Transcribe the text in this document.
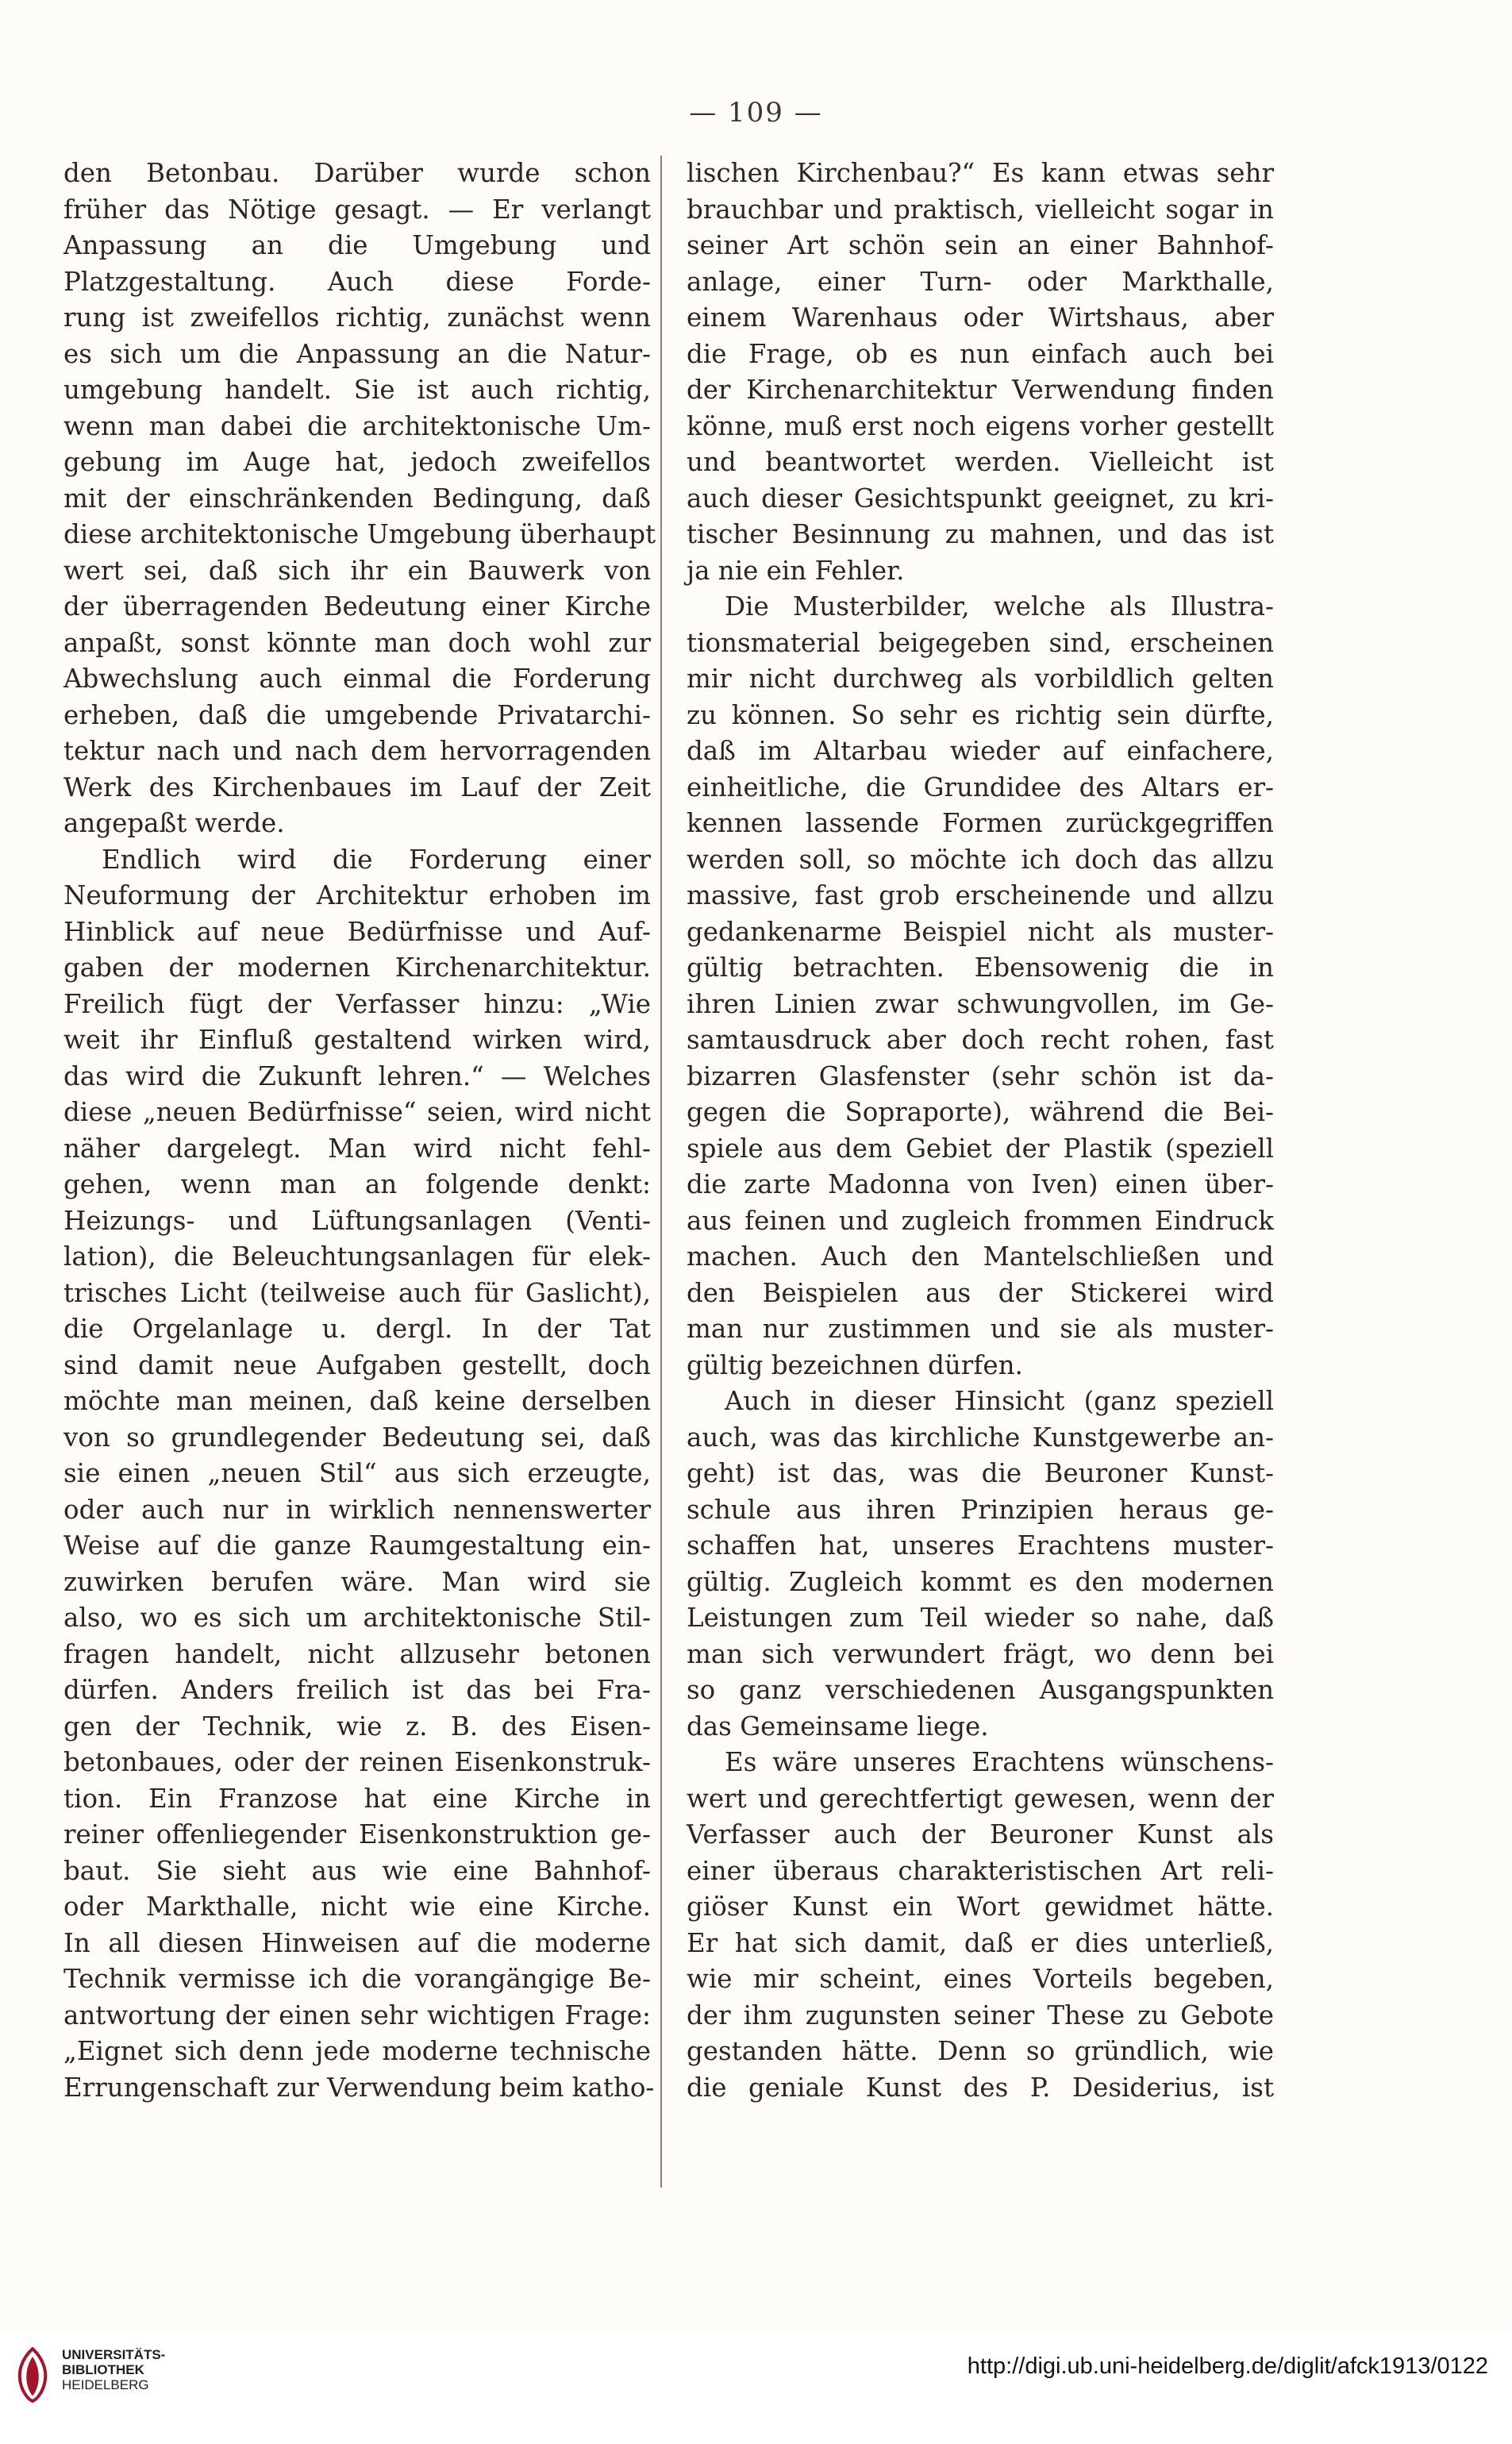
— 109 —
den Betonbau. Darüber wurde schon
früher das Nötige gesagt. — Er verlangt
Anpassung an die Umgebung und
Platzgestaltung. Auch diese Forde-
rung ist zweifellos richtig, zunächst wenn
es sich um die Anpassung an die Natur-
umgebung handelt. Sie ist auch richtig,
wenn man dabei die architektonische Um-
gebung im Auge hat, jedoch zweifellos
mit der einschränkenden Bedingung, daß
diese architektonische Umgebung überhaupt
wert sei, daß sich ihr ein Bauwerk von
der überragenden Bedeutung einer Kirche
anpaßt, sonst könnte man doch wohl zur
Abwechslung auch einmal die Forderung
erheben, daß die umgebende Privatarchi-
tektur nach und nach dem hervorragenden
Werk des Kirchenbaues im Lauf der Zeit
angepaßt werde.
Endlich wird die Forderung einer
Neuformung der Architektur erhoben im
Hinblick auf neue Bedürfnisse und Auf-
gaben der modernen Kirchenarchitektur.
Freilich fügt der Verfasser hinzu: „Wie
weit ihr Einfluß gestaltend wirken wird,
das wird die Zukunft lehren.“ — Welches
diese „neuen Bedürfnisse“ seien, wird nicht
näher dargelegt. Man wird nicht fehl-
gehen, wenn man an folgende denkt:
Heizungs- und Lüftungsanlagen (Venti-
lation), die Beleuchtungsanlagen für elek-
trisches Licht (teilweise auch für Gaslicht),
die Orgelanlage u. dergl. In der Tat
sind damit neue Aufgaben gestellt, doch
möchte man meinen, daß keine derselben
von so grundlegender Bedeutung sei, daß
sie einen „neuen Stil“ aus sich erzeugte,
oder auch nur in wirklich nennenswerter
Weise auf die ganze Raumgestaltung ein-
zuwirken berufen wäre. Man wird sie
also, wo es sich um architektonische Stil-
fragen handelt, nicht allzusehr betonen
dürfen. Anders freilich ist das bei Fra-
gen der Technik, wie z. B. des Eisen-
betonbaues, oder der reinen Eisenkonstruk-
tion. Ein Franzose hat eine Kirche in
reiner offenliegender Eisenkonstruktion ge-
baut. Sie sieht aus wie eine Bahnhof-
oder Markthalle, nicht wie eine Kirche.
In all diesen Hinweisen auf die moderne
Technik vermisse ich die vorangängige Be-
antwortung der einen sehr wichtigen Frage:
„Eignet sich denn jede moderne technische
Errungenschaft zur Verwendung beim katho-
lischen Kirchenbau?“ Es kann etwas sehr
brauchbar und praktisch, vielleicht sogar in
seiner Art schön sein an einer Bahnhof-
anlage, einer Turn- oder Markthalle,
einem Warenhaus oder Wirtshaus, aber
die Frage, ob es nun einfach auch bei
der Kirchenarchitektur Verwendung finden
könne, muß erst noch eigens vorher gestellt
und beantwortet werden. Vielleicht ist
auch dieser Gesichtspunkt geeignet, zu kri-
tischer Besinnung zu mahnen, und das ist
ja nie ein Fehler.
Die Musterbilder, welche als Illustra-
tionsmaterial beigegeben sind, erscheinen
mir nicht durchweg als vorbildlich gelten
zu können. So sehr es richtig sein dürfte,
daß im Altarbau wieder auf einfachere,
einheitliche, die Grundidee des Altars er-
kennen lassende Formen zurückgegriffen
werden soll, so möchte ich doch das allzu
massive, fast grob erscheinende und allzu
gedankenarme Beispiel nicht als muster-
gültig betrachten. Ebensowenig die in
ihren Linien zwar schwungvollen, im Ge-
samtausdruck aber doch recht rohen, fast
bizarren Glasfenster (sehr schön ist da-
gegen die Sopraporte), während die Bei-
spiele aus dem Gebiet der Plastik (speziell
die zarte Madonna von Iven) einen über-
aus feinen und zugleich frommen Eindruck
machen. Auch den Mantelschließen und
den Beispielen aus der Stickerei wird
man nur zustimmen und sie als muster-
gültig bezeichnen dürfen.
Auch in dieser Hinsicht (ganz speziell
auch, was das kirchliche Kunstgewerbe an-
geht) ist das, was die Beuroner Kunst-
schule aus ihren Prinzipien heraus ge-
schaffen hat, unseres Erachtens muster-
gültig. Zugleich kommt es den modernen
Leistungen zum Teil wieder so nahe, daß
man sich verwundert frägt, wo denn bei
so ganz verschiedenen Ausgangspunkten
das Gemeinsame liege.
Es wäre unseres Erachtens wünschens-
wert und gerechtfertigt gewesen, wenn der
Verfasser auch der Beuroner Kunst als
einer überaus charakteristischen Art reli-
giöser Kunst ein Wort gewidmet hätte.
Er hat sich damit, daß er dies unterließ,
wie mir scheint, eines Vorteils begeben,
der ihm zugunsten seiner These zu Gebote
gestanden hätte. Denn so gründlich, wie
die geniale Kunst des P. Desiderius, ist
UNIVERSITÄTS-
BIBLIOTHEK
HEIDELBERG
http://digi.ub.uni-heidelberg.de/diglit/afck1913/0122
